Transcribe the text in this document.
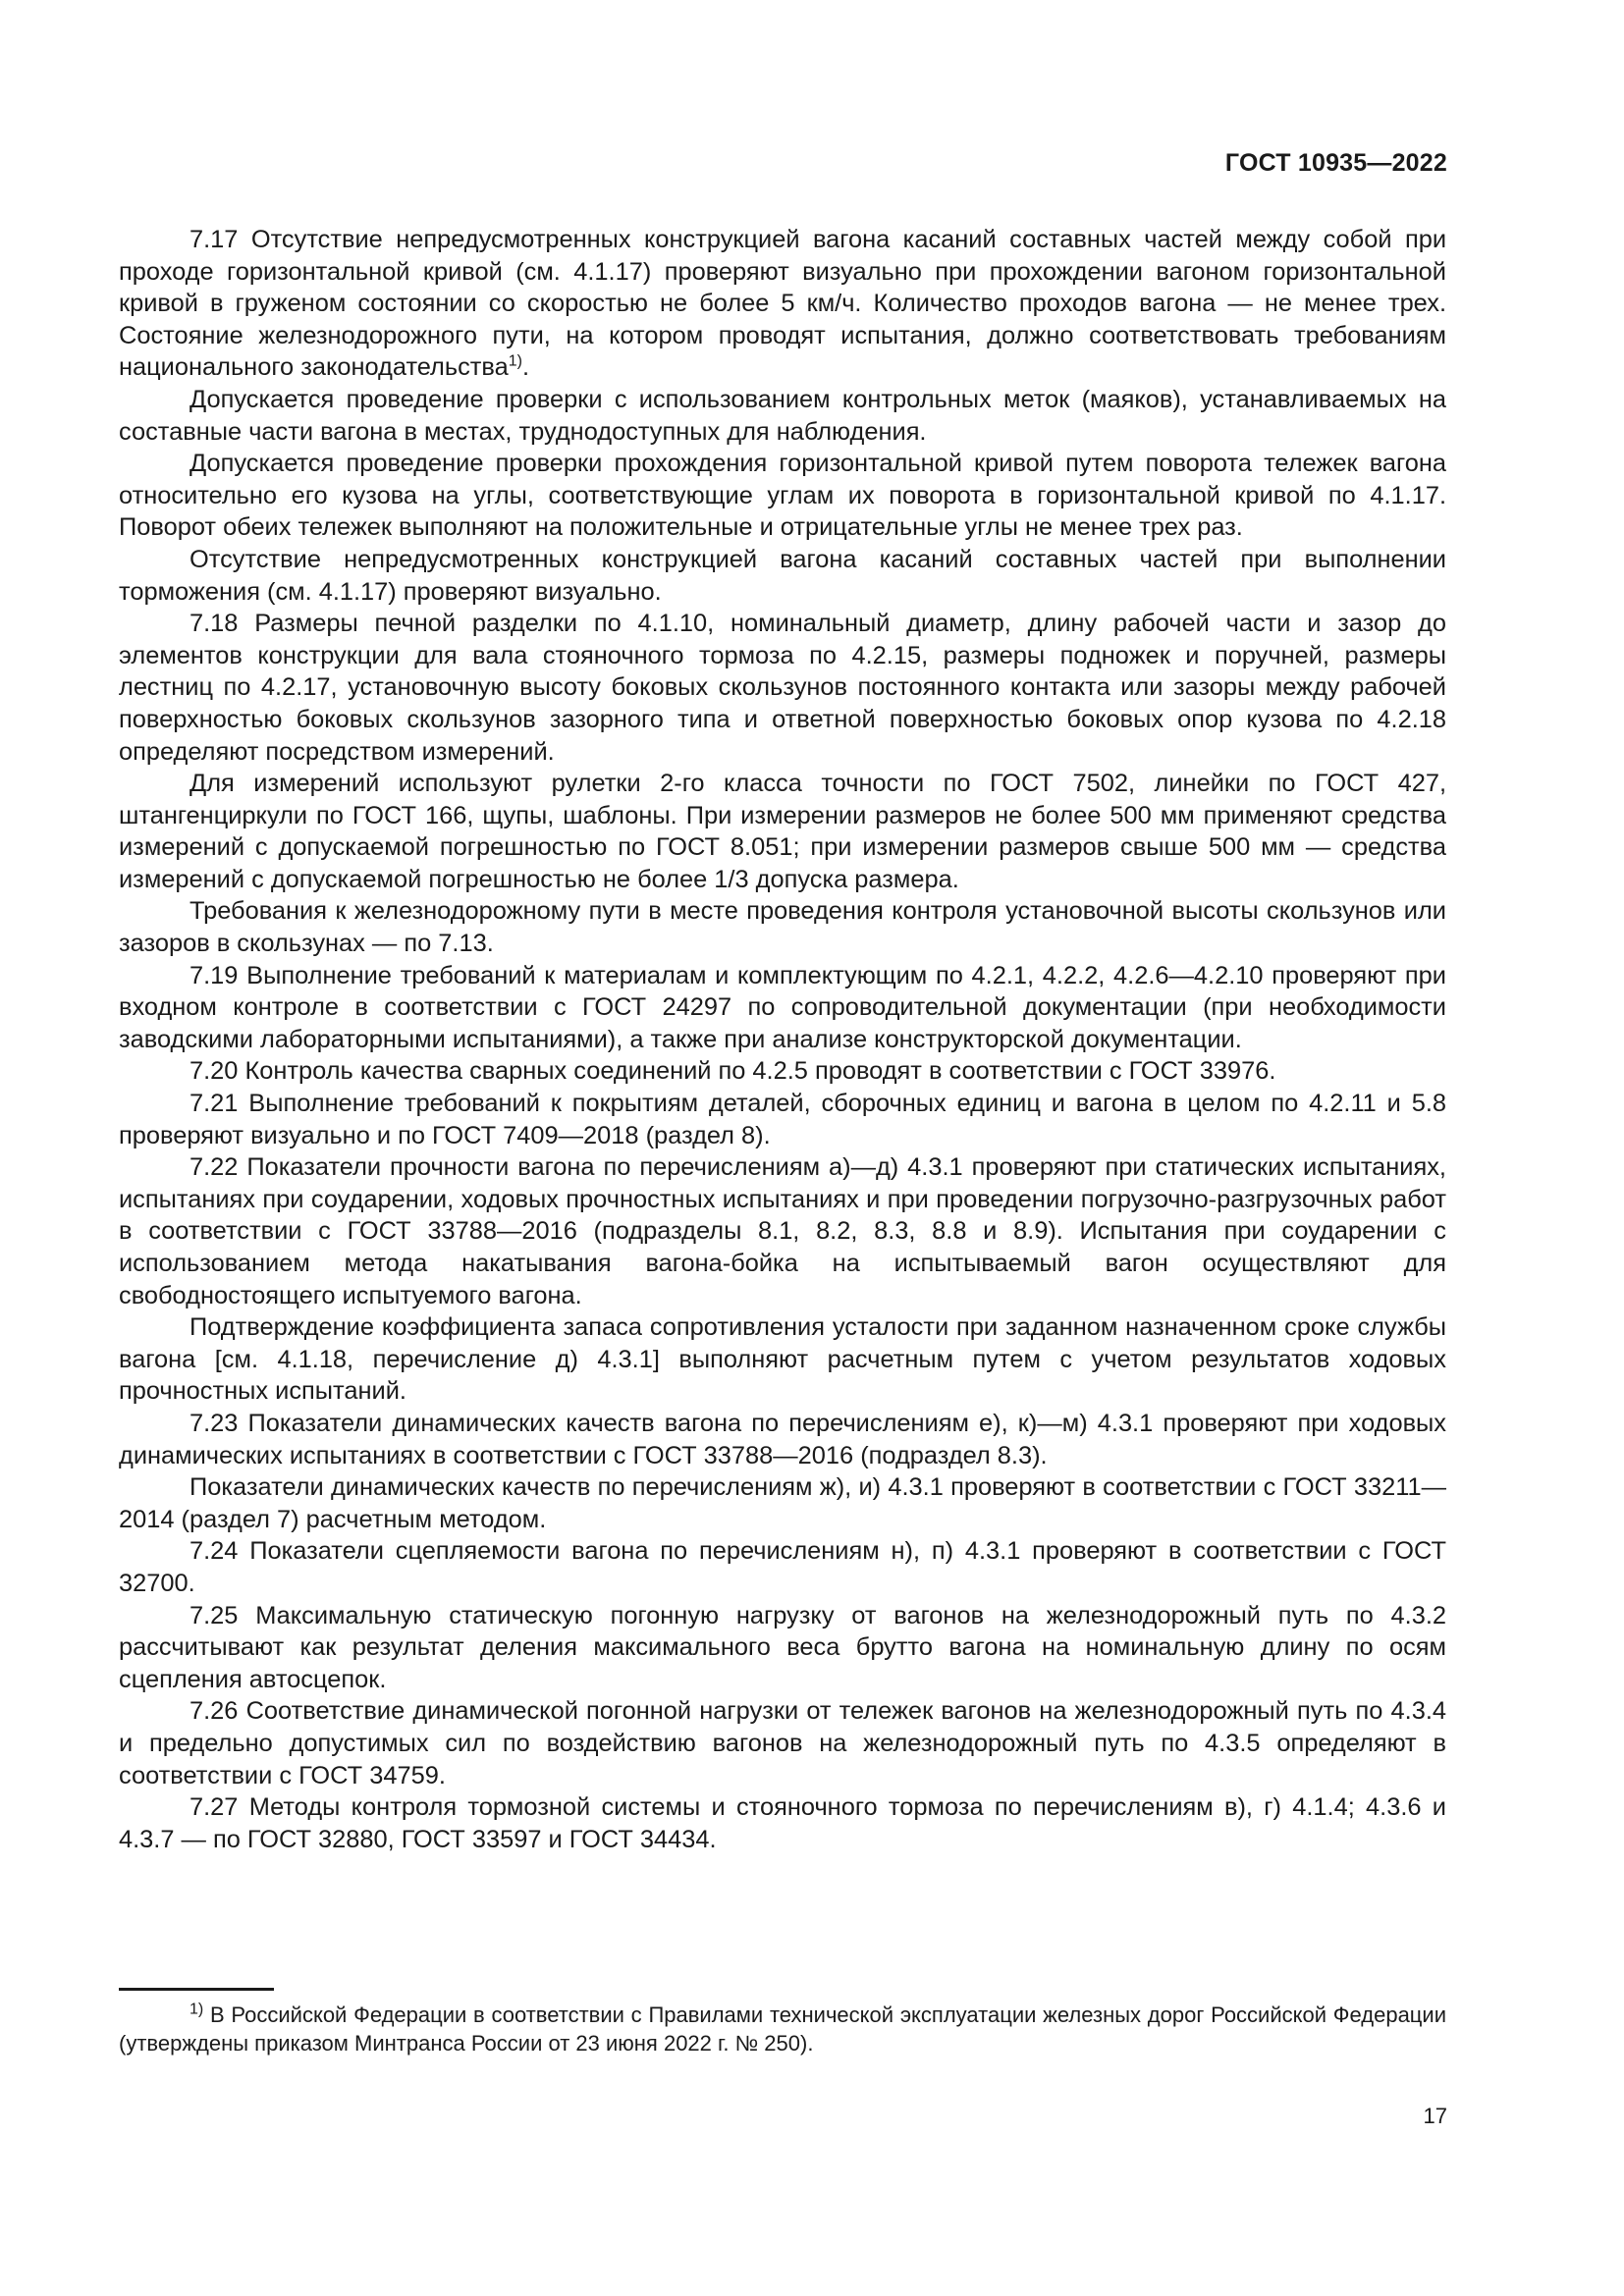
ГОСТ 10935—2022

7.17 Отсутствие непредусмотренных конструкцией вагона касаний составных частей между собой при проходе горизонтальной кривой (см. 4.1.17) проверяют визуально при прохождении вагоном горизонтальной кривой в груженом состоянии со скоростью не более 5 км/ч. Количество проходов вагона — не менее трех. Состояние железнодорожного пути, на котором проводят испытания, должно соответствовать требованиям национального законодательства$^{1)}$.

Допускается проведение проверки с использованием контрольных меток (маяков), устанавливаемых на составные части вагона в местах, труднодоступных для наблюдения.

Допускается проведение проверки прохождения горизонтальной кривой путем поворота тележек вагона относительно его кузова на углы, соответствующие углам их поворота в горизонтальной кривой по 4.1.17. Поворот обеих тележек выполняют на положительные и отрицательные углы не менее трех раз.

Отсутствие непредусмотренных конструкцией вагона касаний составных частей при выполнении торможения (см. 4.1.17) проверяют визуально.

7.18 Размеры печной разделки по 4.1.10, номинальный диаметр, длину рабочей части и зазор до элементов конструкции для вала стояночного тормоза по 4.2.15, размеры подножек и поручней, размеры лестниц по 4.2.17, установочную высоту боковых скользунов постоянного контакта или зазоры между рабочей поверхностью боковых скользунов зазорного типа и ответной поверхностью боковых опор кузова по 4.2.18 определяют посредством измерений.

Для измерений используют рулетки 2-го класса точности по ГОСТ 7502, линейки по ГОСТ 427, штангенциркули по ГОСТ 166, щупы, шаблоны. При измерении размеров не более 500 мм применяют средства измерений с допускаемой погрешностью по ГОСТ 8.051; при измерении размеров свыше 500 мм — средства измерений с допускаемой погрешностью не более 1/3 допуска размера.

Требования к железнодорожному пути в месте проведения контроля установочной высоты скользунов или зазоров в скользунах — по 7.13.

7.19 Выполнение требований к материалам и комплектующим по 4.2.1, 4.2.2, 4.2.6—4.2.10 проверяют при входном контроле в соответствии с ГОСТ 24297 по сопроводительной документации (при необходимости заводскими лабораторными испытаниями), а также при анализе конструкторской документации.

7.20 Контроль качества сварных соединений по 4.2.5 проводят в соответствии с ГОСТ 33976.

7.21 Выполнение требований к покрытиям деталей, сборочных единиц и вагона в целом по 4.2.11 и 5.8 проверяют визуально и по ГОСТ 7409—2018 (раздел 8).

7.22 Показатели прочности вагона по перечислениям а)—д) 4.3.1 проверяют при статических испытаниях, испытаниях при соударении, ходовых прочностных испытаниях и при проведении погрузочно-разгрузочных работ в соответствии с ГОСТ 33788—2016 (подразделы 8.1, 8.2, 8.3, 8.8 и 8.9). Испытания при соударении с использованием метода накатывания вагона-бойка на испытываемый вагон осуществляют для свободностоящего испытуемого вагона.

Подтверждение коэффициента запаса сопротивления усталости при заданном назначенном сроке службы вагона [см. 4.1.18, перечисление д) 4.3.1] выполняют расчетным путем с учетом результатов ходовых прочностных испытаний.

7.23 Показатели динамических качеств вагона по перечислениям е), к)—м) 4.3.1 проверяют при ходовых динамических испытаниях в соответствии с ГОСТ 33788—2016 (подраздел 8.3).

Показатели динамических качеств по перечислениям ж), и) 4.3.1 проверяют в соответствии с ГОСТ 33211—2014 (раздел 7) расчетным методом.

7.24 Показатели сцепляемости вагона по перечислениям н), п) 4.3.1 проверяют в соответствии с ГОСТ 32700.

7.25 Максимальную статическую погонную нагрузку от вагонов на железнодорожный путь по 4.3.2 рассчитывают как результат деления максимального веса брутто вагона на номинальную длину по осям сцепления автосцепок.

7.26 Соответствие динамической погонной нагрузки от тележек вагонов на железнодорожный путь по 4.3.4 и предельно допустимых сил по воздействию вагонов на железнодорожный путь по 4.3.5 определяют в соответствии с ГОСТ 34759.

7.27 Методы контроля тормозной системы и стояночного тормоза по перечислениям в), г) 4.1.4; 4.3.6 и 4.3.7 — по ГОСТ 32880, ГОСТ 33597 и ГОСТ 34434.

$^{1)}$ В Российской Федерации в соответствии с Правилами технической эксплуатации железных дорог Российской Федерации (утверждены приказом Минтранса России от 23 июня 2022 г. № 250).

17
